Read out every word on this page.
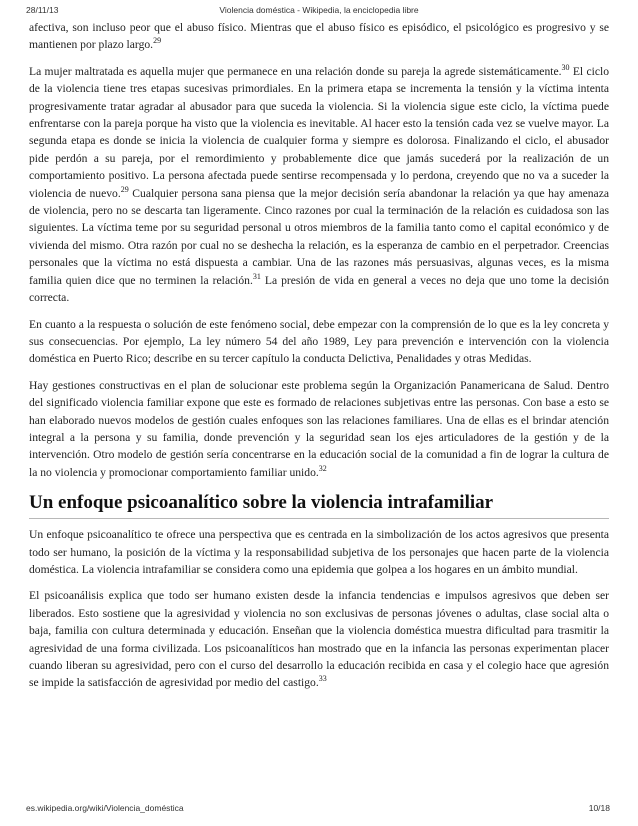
28/11/13	Violencia doméstica - Wikipedia, la enciclopedia libre

afectiva, son incluso peor que el abuso físico. Mientras que el abuso físico es episódico, el psicológico es progresivo y se mantienen por plazo largo.$^{29}$

La mujer maltratada es aquella mujer que permanece en una relación donde su pareja la agrede sistemáticamente.$^{30}$ El ciclo de la violencia tiene tres etapas sucesivas primordiales. En la primera etapa se incrementa la tensión y la víctima intenta progresivamente tratar agradar al abusador para que suceda la violencia. Si la violencia sigue este ciclo, la víctima puede enfrentarse con la pareja porque ha visto que la violencia es inevitable. Al hacer esto la tensión cada vez se vuelve mayor. La segunda etapa es donde se inicia la violencia de cualquier forma y siempre es dolorosa. Finalizando el ciclo, el abusador pide perdón a su pareja, por el remordimiento y probablemente dice que jamás sucederá por la realización de un comportamiento positivo. La persona afectada puede sentirse recompensada y lo perdona, creyendo que no va a suceder la violencia de nuevo.$^{29}$ Cualquier persona sana piensa que la mejor decisión sería abandonar la relación ya que hay amenaza de violencia, pero no se descarta tan ligeramente. Cinco razones por cual la terminación de la relación es cuidadosa son las siguientes. La víctima teme por su seguridad personal u otros miembros de la familia tanto como el capital económico y de vivienda del mismo. Otra razón por cual no se deshecha la relación, es la esperanza de cambio en el perpetrador. Creencias personales que la víctima no está dispuesta a cambiar. Una de las razones más persuasivas, algunas veces, es la misma familia quien dice que no terminen la relación.$^{31}$ La presión de vida en general a veces no deja que uno tome la decisión correcta.

En cuanto a la respuesta o solución de este fenómeno social, debe empezar con la comprensión de lo que es la ley concreta y sus consecuencias. Por ejemplo, La ley número 54 del año 1989, Ley para prevención e intervención con la violencia doméstica en Puerto Rico; describe en su tercer capítulo la conducta Delictiva, Penalidades y otras Medidas.

Hay gestiones constructivas en el plan de solucionar este problema según la Organización Panamericana de Salud. Dentro del significado violencia familiar expone que este es formado de relaciones subjetivas entre las personas. Con base a esto se han elaborado nuevos modelos de gestión cuales enfoques son las relaciones familiares. Una de ellas es el brindar atención integral a la persona y su familia, donde prevención y la seguridad sean los ejes articuladores de la gestión y de la intervención. Otro modelo de gestión sería concentrarse en la educación social de la comunidad a fin de lograr la cultura de la no violencia y promocionar comportamiento familiar unido.$^{32}$

Un enfoque psicoanalítico sobre la violencia intrafamiliar

Un enfoque psicoanalítico te ofrece una perspectiva que es centrada en la simbolización de los actos agresivos que presenta todo ser humano, la posición de la víctima y la responsabilidad subjetiva de los personajes que hacen parte de la violencia doméstica. La violencia intrafamiliar se considera como una epidemia que golpea a los hogares en un ámbito mundial.

El psicoanálisis explica que todo ser humano existen desde la infancia tendencias e impulsos agresivos que deben ser liberados. Esto sostiene que la agresividad y violencia no son exclusivas de personas jóvenes o adultas, clase social alta o baja, familia con cultura determinada y educación. Enseñan que la violencia doméstica muestra dificultad para trasmitir la agresividad de una forma civilizada. Los psicoanalíticos han mostrado que en la infancia las personas experimentan placer cuando liberan su agresividad, pero con el curso del desarrollo la educación recibida en casa y el colegio hace que agresión se impide la satisfacción de agresividad por medio del castigo.$^{33}$

es.wikipedia.org/wiki/Violencia_doméstica	10/18
